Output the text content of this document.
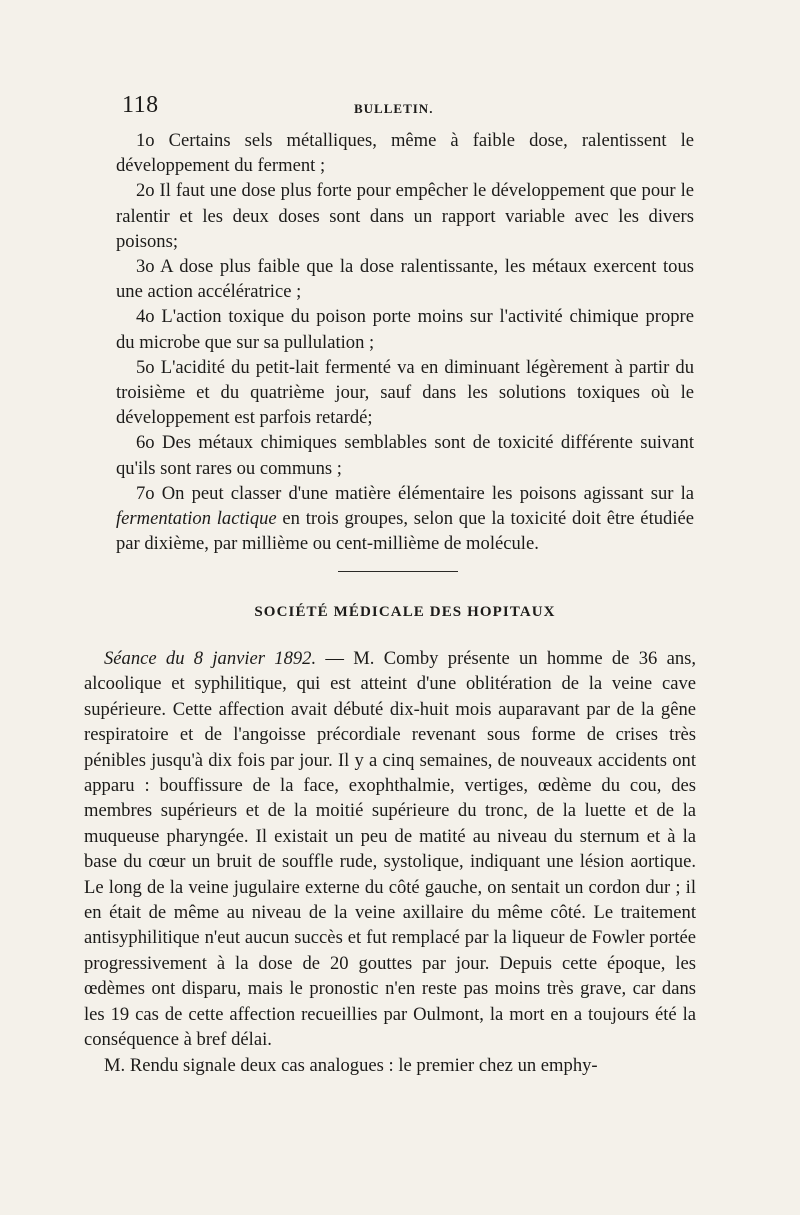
118	BULLETIN.

1o Certains sels métalliques, même à faible dose, ralentissent le développement du ferment ;

2o Il faut une dose plus forte pour empêcher le développement que pour le ralentir et les deux doses sont dans un rapport variable avec les divers poisons;

3o A dose plus faible que la dose ralentissante, les métaux exercent tous une action accélératrice ;

4o L'action toxique du poison porte moins sur l'activité chimique propre du microbe que sur sa pullulation ;

5o L'acidité du petit-lait fermenté va en diminuant légèrement à partir du troisième et du quatrième jour, sauf dans les solutions toxiques où le développement est parfois retardé;

6o Des métaux chimiques semblables sont de toxicité différente suivant qu'ils sont rares ou communs ;

7o On peut classer d'une matière élémentaire les poisons agissant sur la fermentation lactique en trois groupes, selon que la toxicité doit être étudiée par dixième, par millième ou cent-millième de molécule.

SOCIÉTÉ MÉDICALE DES HOPITAUX

Séance du 8 janvier 1892. — M. Comby présente un homme de 36 ans, alcoolique et syphilitique, qui est atteint d'une oblitération de la veine cave supérieure. Cette affection avait débuté dix-huit mois auparavant par de la gêne respiratoire et de l'angoisse précordiale revenant sous forme de crises très pénibles jusqu'à dix fois par jour. Il y a cinq semaines, de nouveaux accidents ont apparu : bouffissure de la face, exophthalmie, vertiges, œdème du cou, des membres supérieurs et de la moitié supérieure du tronc, de la luette et de la muqueuse pharyngée. Il existait un peu de matité au niveau du sternum et à la base du cœur un bruit de souffle rude, systolique, indiquant une lésion aortique. Le long de la veine jugulaire externe du côté gauche, on sentait un cordon dur ; il en était de même au niveau de la veine axillaire du même côté. Le traitement antisyphilitique n'eut aucun succès et fut remplacé par la liqueur de Fowler portée progressivement à la dose de 20 gouttes par jour. Depuis cette époque, les œdèmes ont disparu, mais le pronostic n'en reste pas moins très grave, car dans les 19 cas de cette affection recueillies par Oulmont, la mort en a toujours été la conséquence à bref délai.

M. Rendu signale deux cas analogues : le premier chez un emphy-
